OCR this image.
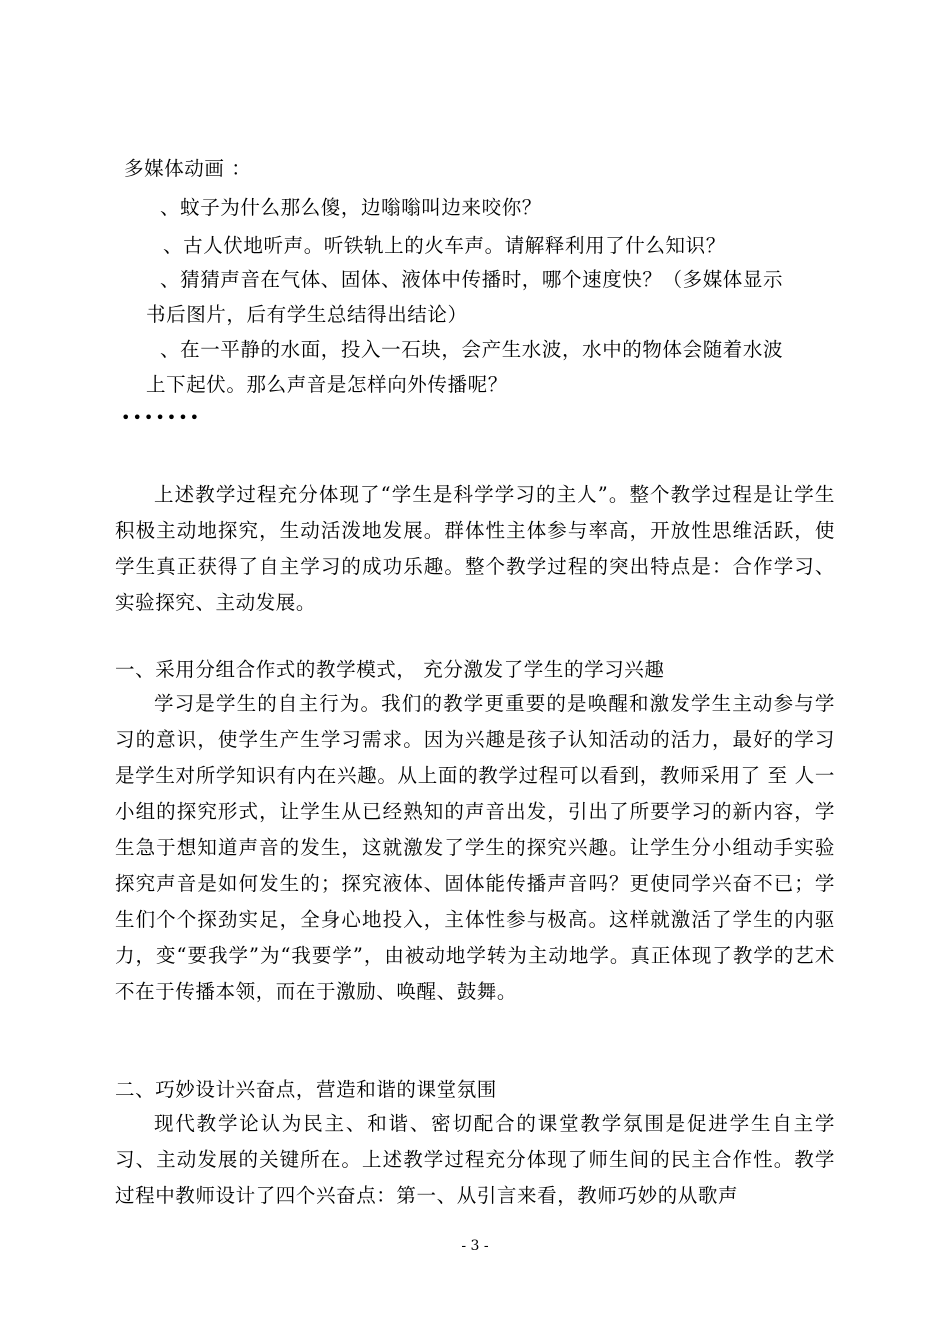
多媒体动画 ：
、蚊子为什么那么傻，边嗡嗡叫边来咬你？
、古人伏地听声。听铁轨上的火车声。请解释利用了什么知识？
、猜猜声音在气体、固体、液体中传播时，哪个速度快？（多媒体显示
书后图片，后有学生总结得出结论）
、在一平静的水面，投入一石块，会产生水波，水中的物体会随着水波
上下起伏。那么声音是怎样向外传播呢？
•••••••
上述教学过程充分体现了“学生是科学学习的主人”。整个教学过程是让学生积极主动地探究，生动活泼地发展。群体性主体参与率高，开放性思维活跃，使学生真正获得了自主学习的成功乐趣。整个教学过程的突出特点是：合作学习、实验探究、主动发展。
一、采用分组合作式的教学模式， 充分激发了学生的学习兴趣
学习是学生的自主行为。我们的教学更重要的是唤醒和激发学生主动参与学习的意识，使学生产生学习需求。因为兴趣是孩子认知活动的活力，最好的学习是学生对所学知识有内在兴趣。从上面的教学过程可以看到，教师采用了 至 人一小组的探究形式，让学生从已经熟知的声音出发，引出了所要学习的新内容，学生急于想知道声音的发生，这就激发了学生的探究兴趣。让学生分小组动手实验探究声音是如何发生的；探究液体、固体能传播声音吗？更使同学兴奋不已；学生们个个探劲实足，全身心地投入，主体性参与极高。这样就激活了学生的内驱力，变“要我学”为“我要学”，由被动地学转为主动地学。真正体现了教学的艺术不在于传播本领，而在于激励、唤醒、鼓舞。
二、巧妙设计兴奋点，营造和谐的课堂氛围
现代教学论认为民主、和谐、密切配合的课堂教学氛围是促进学生自主学习、主动发展的关键所在。上述教学过程充分体现了师生间的民主合作性。教学过程中教师设计了四个兴奋点：第一、从引言来看，教师巧妙的从歌声
- 3 -
